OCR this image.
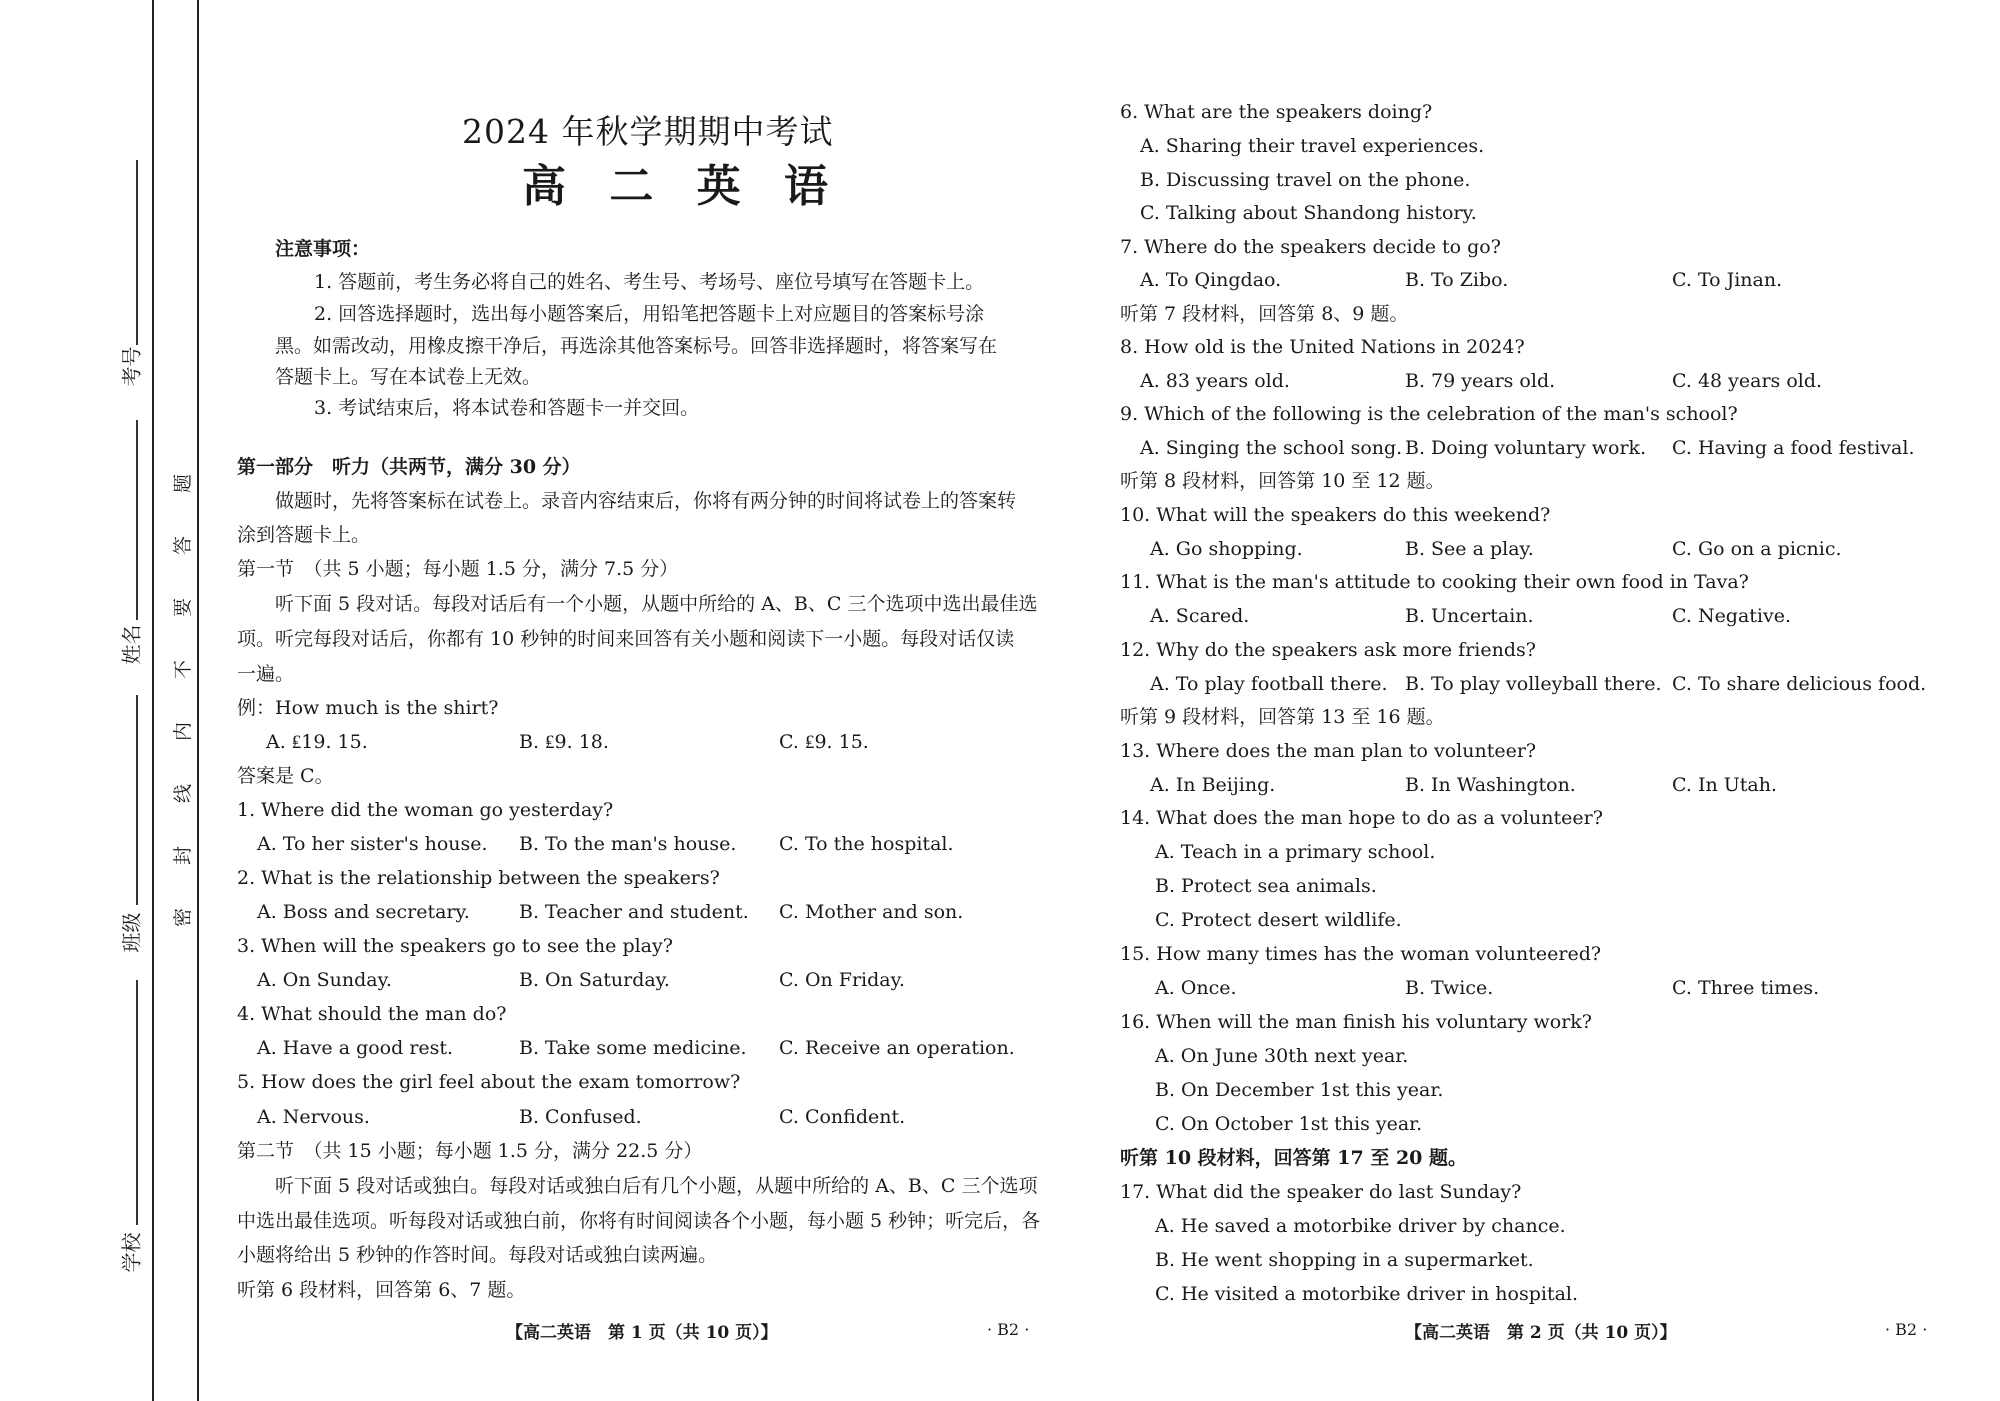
考号
姓名
班级
学校
题
答
要
不
内
线
封
密
2024 年秋学期期中考试
高 二 英 语
注意事项：
1. 答题前，考生务必将自己的姓名、考生号、考场号、座位号填写在答题卡上。
2. 回答选择题时，选出每小题答案后，用铅笔把答题卡上对应题目的答案标号涂
黑。如需改动，用橡皮擦干净后，再选涂其他答案标号。回答非选择题时，将答案写在
答题卡上。写在本试卷上无效。
3. 考试结束后，将本试卷和答题卡一并交回。
第一部分　听力（共两节，满分 30 分）
做题时，先将答案标在试卷上。录音内容结束后，你将有两分钟的时间将试卷上的答案转
涂到答题卡上。
第一节　（共 5 小题；每小题 1.5 分，满分 7.5 分）
听下面 5 段对话。每段对话后有一个小题，从题中所给的 A、B、C 三个选项中选出最佳选
项。听完每段对话后，你都有 10 秒钟的时间来回答有关小题和阅读下一小题。每段对话仅读
一遍。
例：How much is the shirt?
A. ₤19. 15.	B. ₤9. 18.	C. ₤9. 15.
答案是 C。
1. Where did the woman go yesterday?
A. To her sister's house. B. To the man's house. C. To the hospital.
2. What is the relationship between the speakers?
A. Boss and secretary.	B. Teacher and student. C. Mother and son.
3. When will the speakers go to see the play?
A. On Sunday.	B. On Saturday.	C. On Friday.
4. What should the man do?
A. Have a good rest.	B. Take some medicine. C. Receive an operation.
5. How does the girl feel about the exam tomorrow?
A. Nervous.	B. Confused.	C. Confident.
第二节　（共 15 小题；每小题 1.5 分，满分 22.5 分）
听下面 5 段对话或独白。每段对话或独白后有几个小题，从题中所给的 A、B、C 三个选项
中选出最佳选项。听每段对话或独白前，你将有时间阅读各个小题，每小题 5 秒钟；听完后，各
小题将给出 5 秒钟的作答时间。每段对话或独白读两遍。
听第 6 段材料，回答第 6、7 题。
【高二英语　第 1 页（共 10 页）】	· B2 ·
6. What are the speakers doing?
A. Sharing their travel experiences.
B. Discussing travel on the phone.
C. Talking about Shandong history.
7. Where do the speakers decide to go?
A. To Qingdao.	B. To Zibo.	C. To Jinan.
听第 7 段材料，回答第 8、9 题。
8. How old is the United Nations in 2024?
A. 83 years old.	B. 79 years old.	C. 48 years old.
9. Which of the following is the celebration of the man's school?
A. Singing the school song. B. Doing voluntary work. C. Having a food festival.
听第 8 段材料，回答第 10 至 12 题。
10. What will the speakers do this weekend?
A. Go shopping.	B. See a play.	C. Go on a picnic.
11. What is the man's attitude to cooking their own food in Tava?
A. Scared.	B. Uncertain.	C. Negative.
12. Why do the speakers ask more friends?
A. To play football there. B. To play volleyball there. C. To share delicious food.
听第 9 段材料，回答第 13 至 16 题。
13. Where does the man plan to volunteer?
A. In Beijing.	B. In Washington.	C. In Utah.
14. What does the man hope to do as a volunteer?
A. Teach in a primary school.
B. Protect sea animals.
C. Protect desert wildlife.
15. How many times has the woman volunteered?
A. Once.	B. Twice.	C. Three times.
16. When will the man finish his voluntary work?
A. On June 30th next year.
B. On December 1st this year.
C. On October 1st this year.
听第 10 段材料，回答第 17 至 20 题。
17. What did the speaker do last Sunday?
A. He saved a motorbike driver by chance.
B. He went shopping in a supermarket.
C. He visited a motorbike driver in hospital.
【高二英语　第 2 页（共 10 页）】	· B2 ·
